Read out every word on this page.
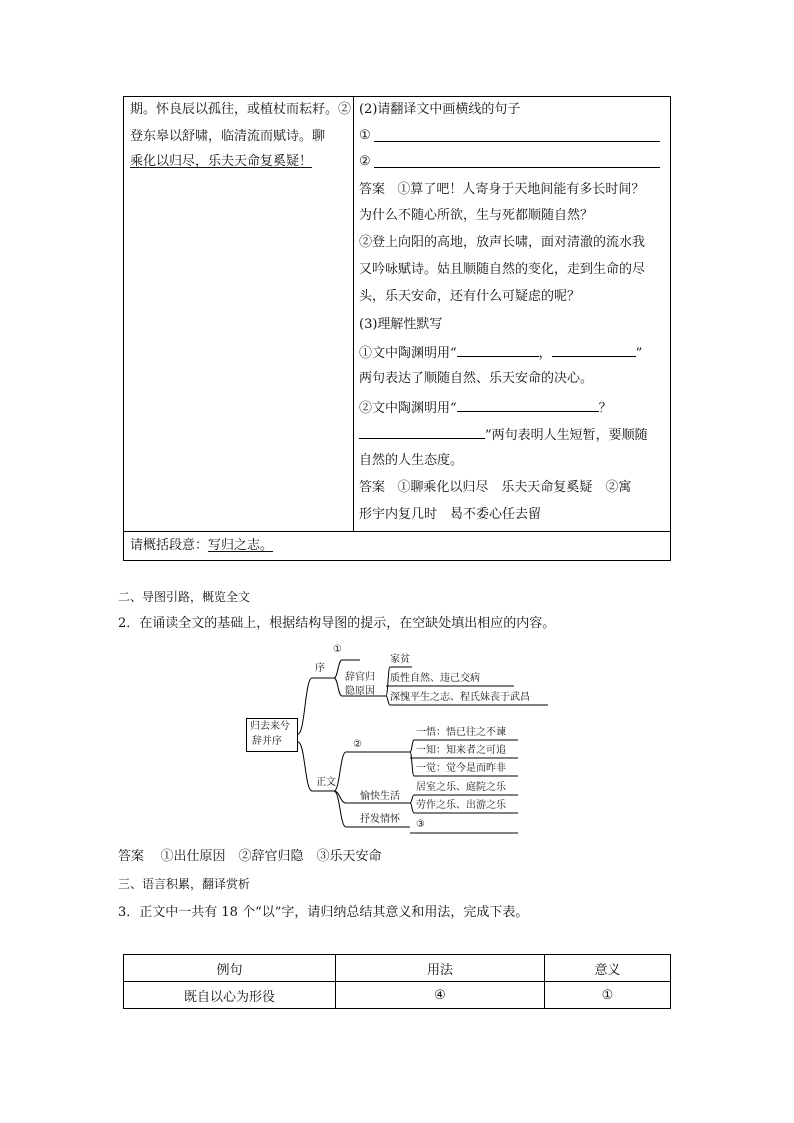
期。怀良辰以孤往，或植杖而耘耔。②
登东皋以舒啸，临清流而赋诗。聊
乘化以归尽，乐夫天命复奚疑！
(2)请翻译文中画横线的句子
①
②
答案 ①算了吧！人寄身于天地间能有多长时间？
为什么不随心所欲，生与死都顺随自然？
②登上向阳的高地，放声长啸，面对清澈的流水我
又吟咏赋诗。姑且顺随自然的变化，走到生命的尽
头，乐天安命，还有什么可疑虑的呢？
(3)理解性默写
①文中陶渊明用“	，	”
两句表达了顺随自然、乐天安命的决心。
②文中陶渊明用“	？
”两句表明人生短暂，要顺随
自然的人生态度。
答案 ①聊乘化以归尽　乐夫天命复奚疑　②寓
形宇内复几时　曷不委心任去留
请概括段意：写归之志。
二、导图引路，概览全文
2．在诵读全文的基础上，根据结构导图的提示，在空缺处填出相应的内容。
归去来兮
辞并序
序
正文
①
辞官归
隐原因
家贫
质性自然、违己交病
深愧平生之志、程氏妹丧于武昌
②
一悟：悟已往之不谏
一知：知来者之可追
一觉：觉今是而昨非
愉快生活
居室之乐、庭院之乐
劳作之乐、出游之乐
抒发情怀 ③
答案 ①出仕原因　②辞官归隐　③乐天安命
三、语言积累，翻译赏析
3．正文中一共有 18 个“以”字，请归纳总结其意义和用法，完成下表。
例句	用法	意义
既自以心为形役	④	①
